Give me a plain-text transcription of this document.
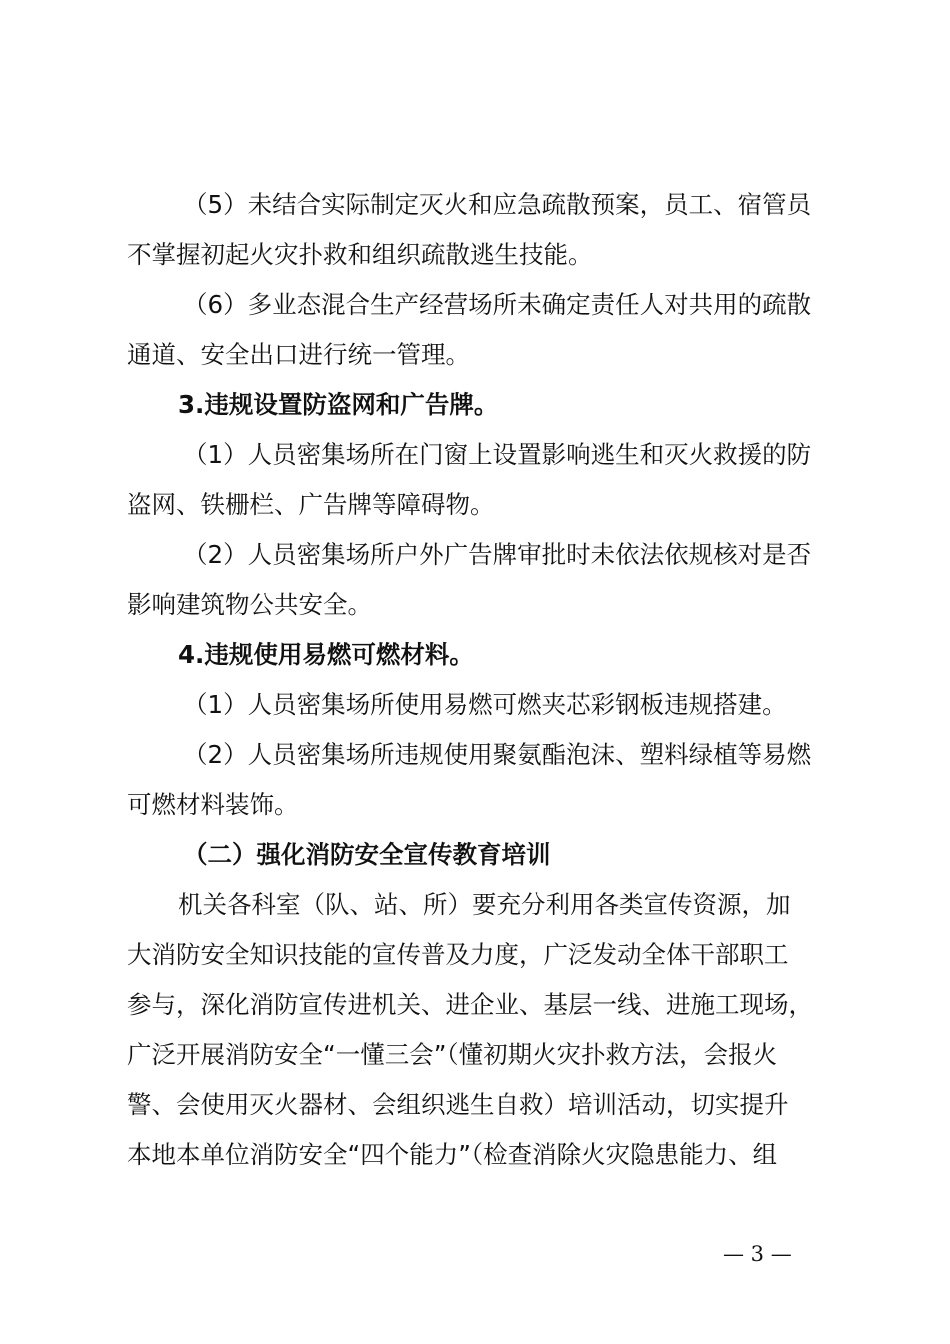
（5）未结合实际制定灭火和应急疏散预案，员工、宿管员
不掌握初起火灾扑救和组织疏散逃生技能。
（6）多业态混合生产经营场所未确定责任人对共用的疏散
通道、安全出口进行统一管理。
3.违规设置防盗网和广告牌。
（1）人员密集场所在门窗上设置影响逃生和灭火救援的防
盗网、铁栅栏、广告牌等障碍物。
（2）人员密集场所户外广告牌审批时未依法依规核对是否
影响建筑物公共安全。
4.违规使用易燃可燃材料。
（1）人员密集场所使用易燃可燃夹芯彩钢板违规搭建。
（2）人员密集场所违规使用聚氨酯泡沫、塑料绿植等易燃
可燃材料装饰。
（二）强化消防安全宣传教育培训
机关各科室（队、站、所）要充分利用各类宣传资源，加
大消防安全知识技能的宣传普及力度，广泛发动全体干部职工
参与，深化消防宣传进机关、进企业、基层一线、进施工现场，
广泛开展消防安全“一懂三会”（懂初期火灾扑救方法，会报火
警、会使用灭火器材、会组织逃生自救）培训活动，切实提升
本地本单位消防安全“四个能力”（检查消除火灾隐患能力、组
— 3 —
